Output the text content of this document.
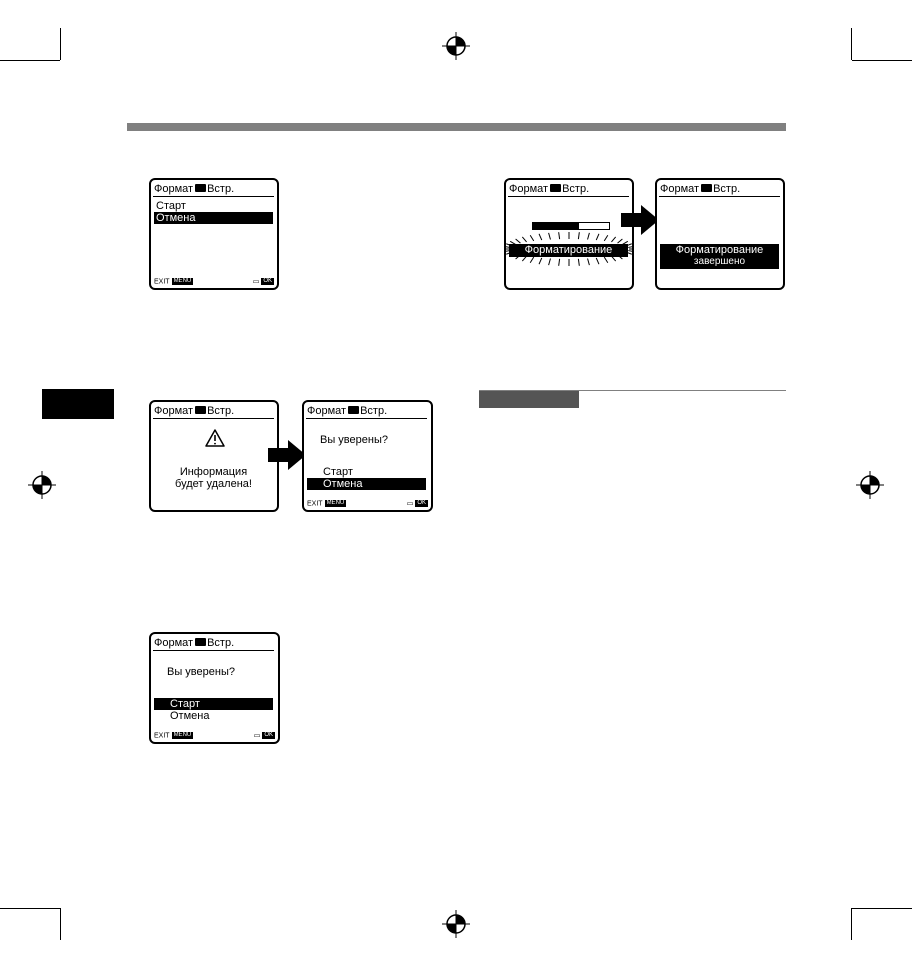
Формат Встр.
Старт
Отмена
EXIT MENU	▭ OK
Формат Встр.
Форматирование
Формат Встр.
Форматирование
завершено
Формат Встр.
Информация
будет удалена!
Формат Встр.
Вы уверены?
Старт
Отмена
EXIT MENU	▭ OK
Формат Встр.
Вы уверены?
Старт
Отмена
EXIT MENU	▭ OK
